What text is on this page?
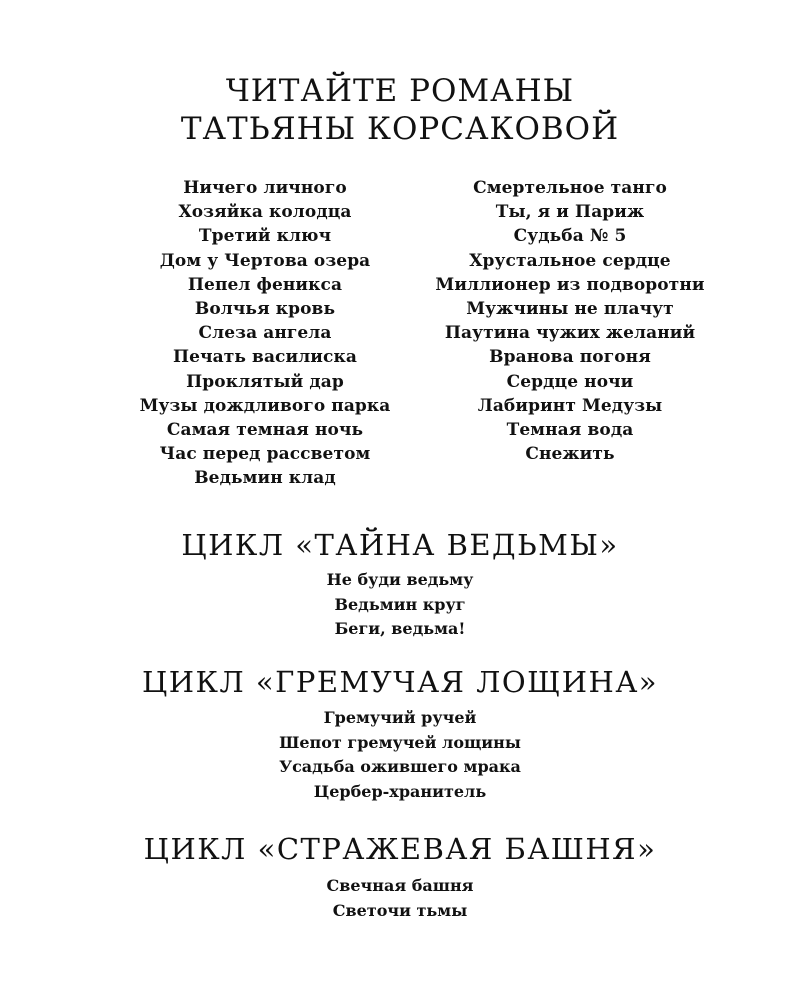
ЧИТАЙТЕ РОМАНЫ
ТАТЬЯНЫ КОРСАКОВОЙ
Ничего личного
Хозяйка колодца
Третий ключ
Дом у Чертова озера
Пепел феникса
Волчья кровь
Слеза ангела
Печать василиска
Проклятый дар
Музы дождливого парка
Самая темная ночь
Час перед рассветом
Ведьмин клад
Смертельное танго
Ты, я и Париж
Судьба № 5
Хрустальное сердце
Миллионер из подворотни
Мужчины не плачут
Паутина чужих желаний
Вранова погоня
Сердце ночи
Лабиринт Медузы
Темная вода
Снежить
ЦИКЛ «ТАЙНА ВЕДЬМЫ»
Не буди ведьму
Ведьмин круг
Беги, ведьма!
ЦИКЛ «ГРЕМУЧАЯ ЛОЩИНА»
Гремучий ручей
Шепот гремучей лощины
Усадьба ожившего мрака
Цербер-хранитель
ЦИКЛ «СТРАЖЕВАЯ БАШНЯ»
Свечная башня
Светочи тьмы
